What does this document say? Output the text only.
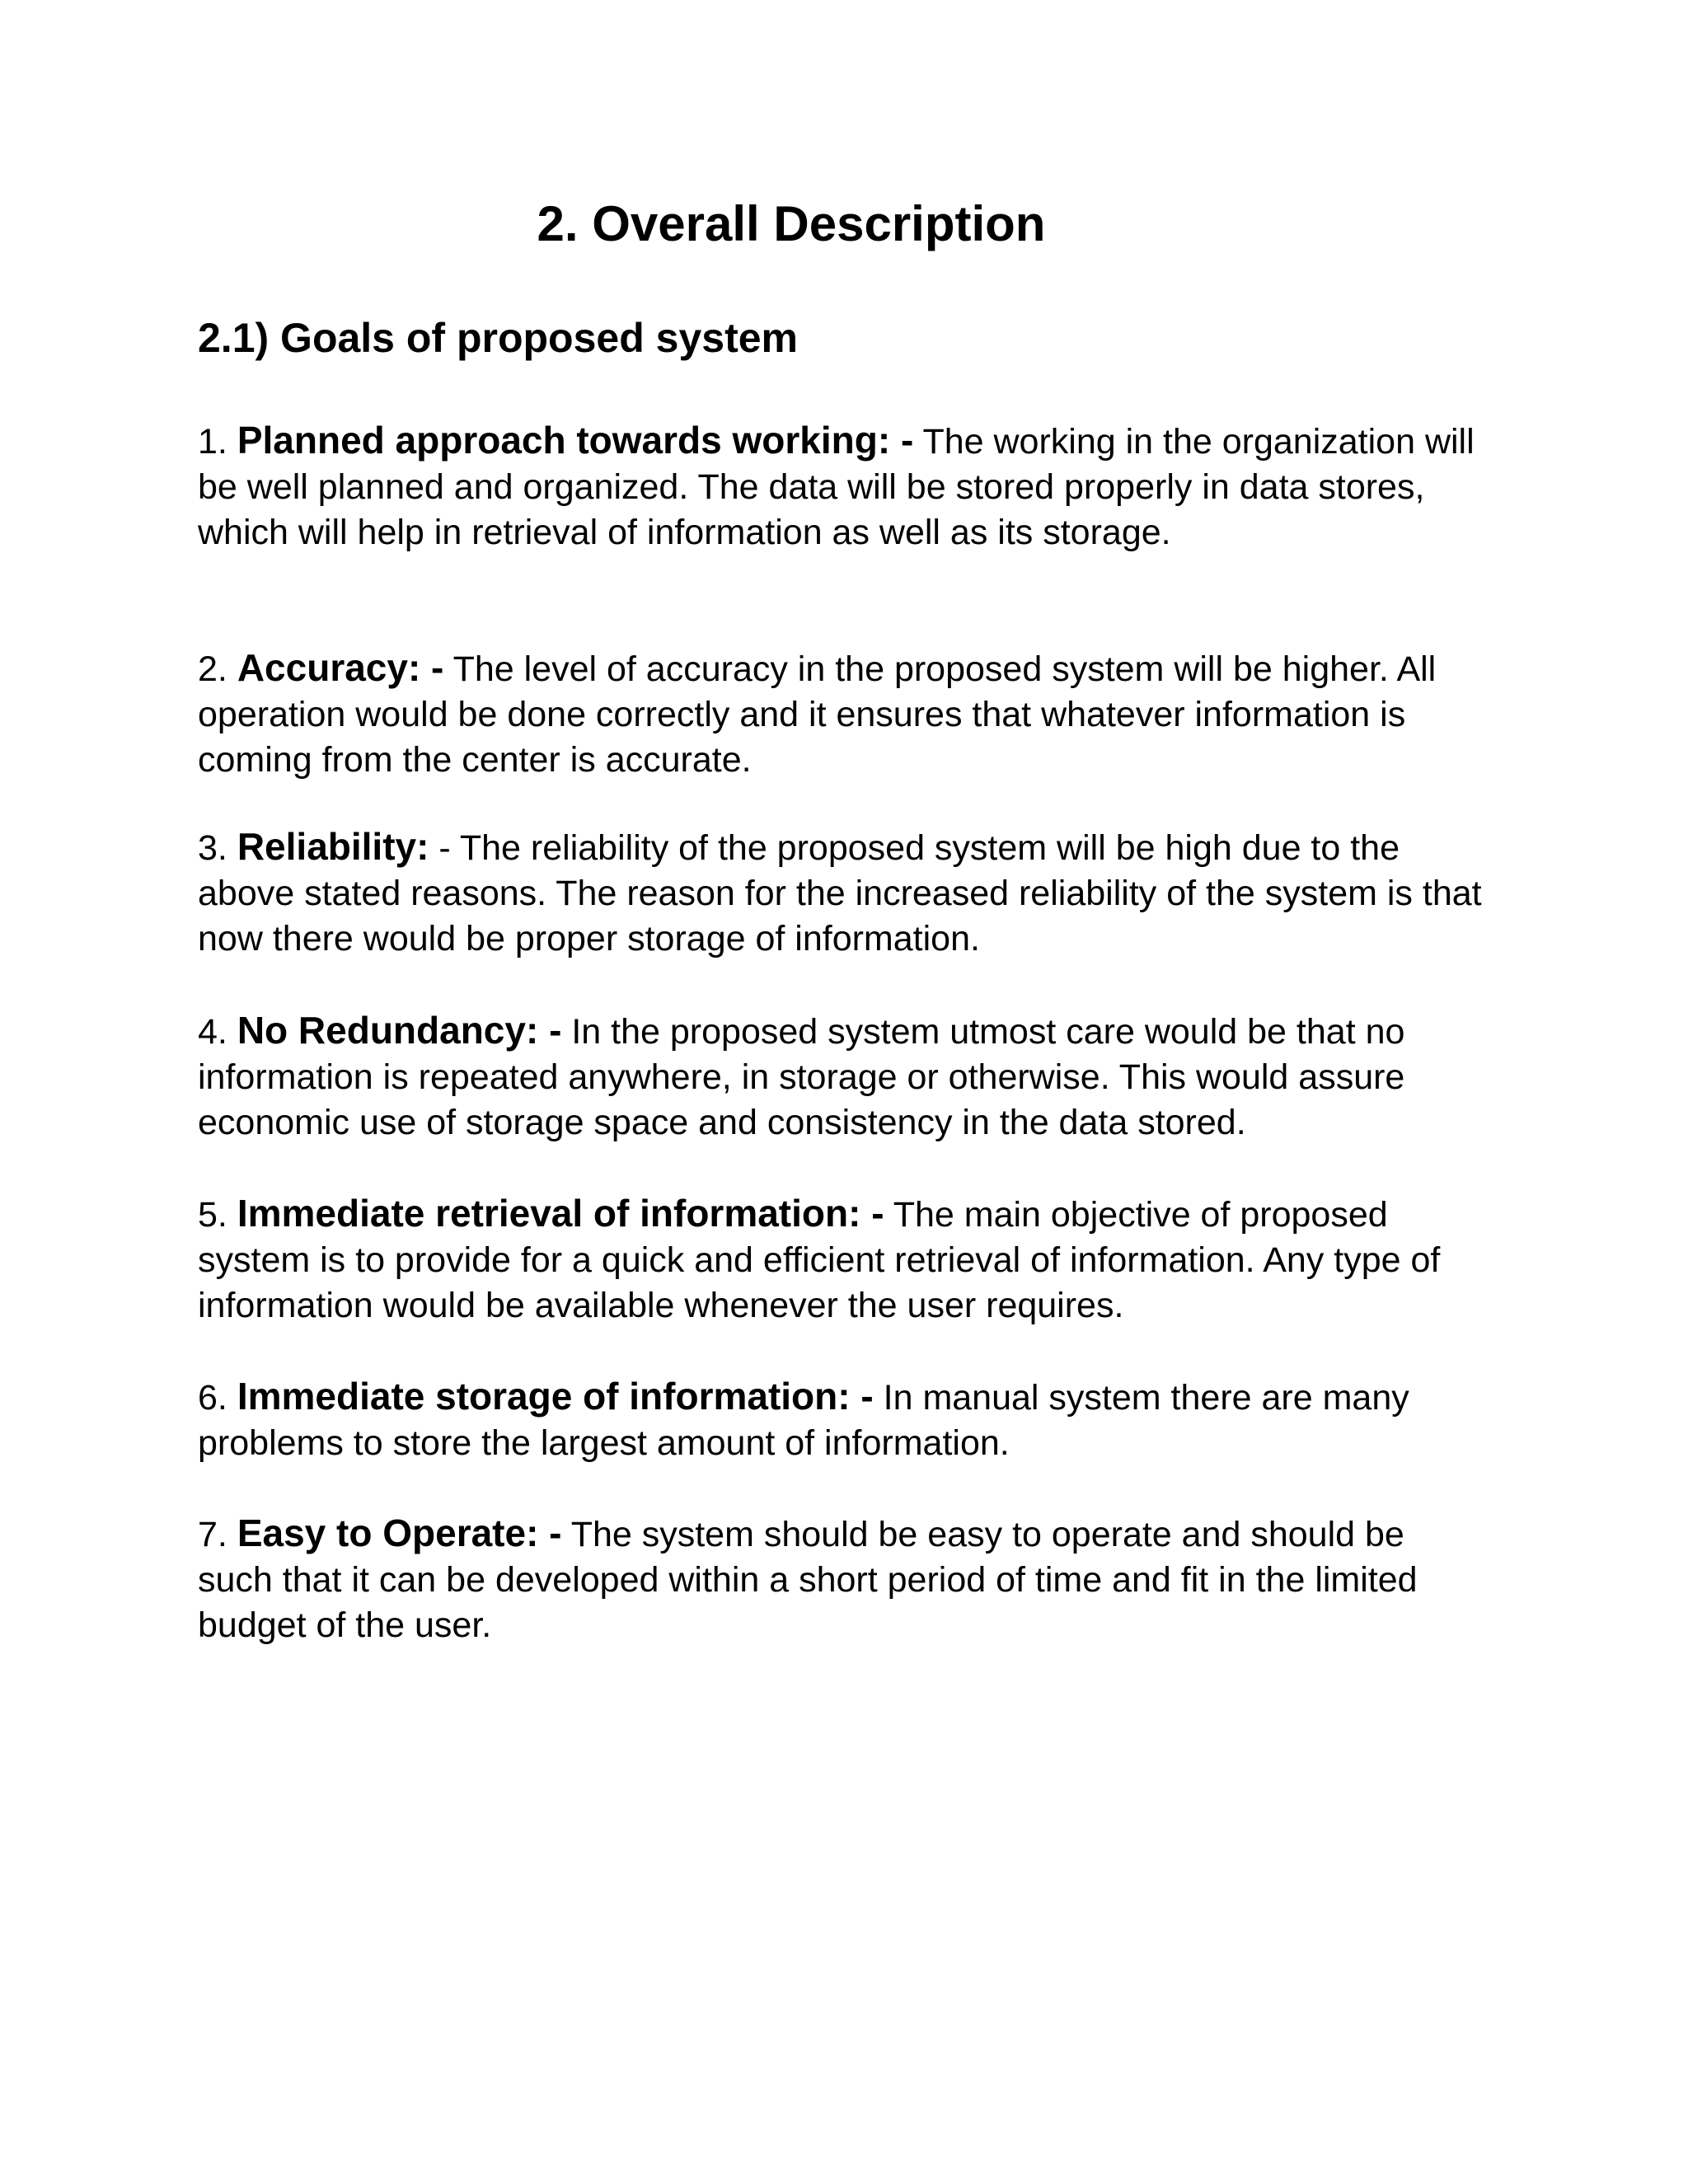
2. Overall Description
2.1) Goals of proposed system

1. Planned approach towards working: - The working in the organization will be well planned and organized. The data will be stored properly in data stores, which will help in retrieval of information as well as its storage.

2. Accuracy: - The level of accuracy in the proposed system will be higher. All operation would be done correctly and it ensures that whatever information is coming from the center is accurate.

3. Reliability: - The reliability of the proposed system will be high due to the above stated reasons. The reason for the increased reliability of the system is that now there would be proper storage of information.

4. No Redundancy: - In the proposed system utmost care would be that no information is repeated anywhere, in storage or otherwise. This would assure economic use of storage space and consistency in the data stored.

5. Immediate retrieval of information: - The main objective of proposed system is to provide for a quick and efficient retrieval of information. Any type of information would be available whenever the user requires.

6. Immediate storage of information: - In manual system there are many problems to store the largest amount of information.

7. Easy to Operate: - The system should be easy to operate and should be such that it can be developed within a short period of time and fit in the limited budget of the user.
